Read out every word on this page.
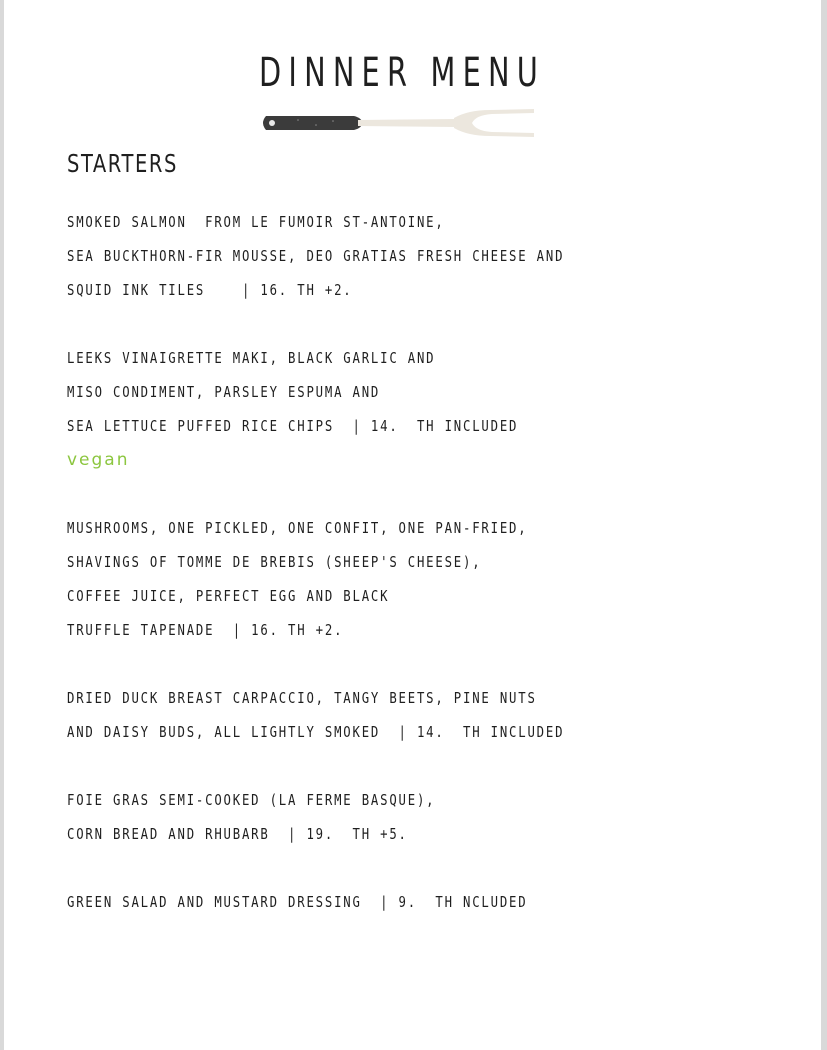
DINNER MENU
STARTERS
SMOKED SALMON  FROM LE FUMOIR ST-ANTOINE,
SEA BUCKTHORN-FIR MOUSSE, DEO GRATIAS FRESH CHEESE AND
SQUID INK TILES    | 16. TH +2.
LEEKS VINAIGRETTE MAKI, BLACK GARLIC AND
MISO CONDIMENT, PARSLEY ESPUMA AND
SEA LETTUCE PUFFED RICE CHIPS  | 14.  TH INCLUDED
vegan
MUSHROOMS, ONE PICKLED, ONE CONFIT, ONE PAN-FRIED,
SHAVINGS OF TOMME DE BREBIS (SHEEP'S CHEESE),
COFFEE JUICE, PERFECT EGG AND BLACK
TRUFFLE TAPENADE  | 16. TH +2.
DRIED DUCK BREAST CARPACCIO, TANGY BEETS, PINE NUTS
AND DAISY BUDS, ALL LIGHTLY SMOKED  | 14.  TH INCLUDED
FOIE GRAS SEMI-COOKED (LA FERME BASQUE),
CORN BREAD AND RHUBARB  | 19.  TH +5.
GREEN SALAD AND MUSTARD DRESSING  | 9.  TH NCLUDED
